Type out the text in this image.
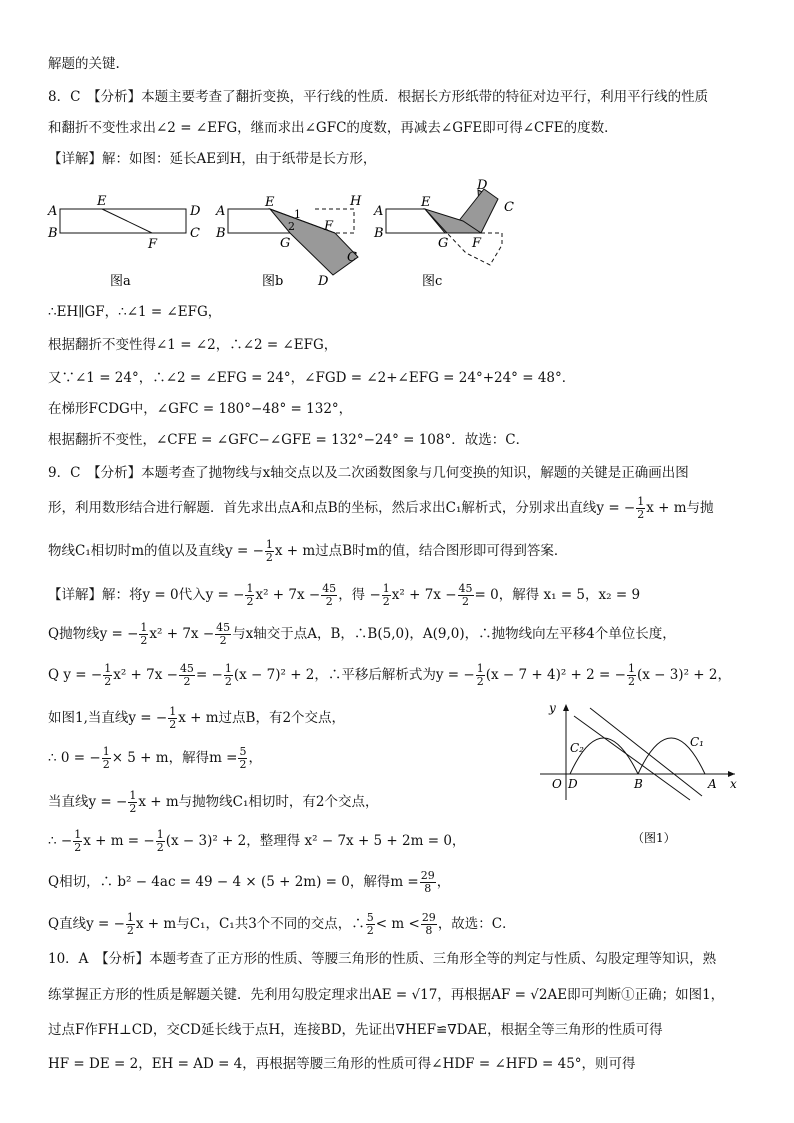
解题的关键.
8．C　【分析】本题主要考查了翻折变换，平行线的性质．根据长方形纸带的特征对边平行，利用平行线的性质
和翻折不变性求出∠2 = ∠EFG，继而求出∠GFC的度数，再减去∠GFE即可得∠CFE的度数．
【详解】解：如图：延长AE到H，由于纸带是长方形，
A
E
D
B
F
C
图a
E
A
H
1
2 F
B
G
C
D
图b
E
A
D
C
B
G F
图c
∴EH∥GF，∴∠1 = ∠EFG，
根据翻折不变性得∠1 = ∠2，∴∠2 = ∠EFG，
又∵∠1 = 24°，∴∠2 = ∠EFG = 24°，∠FGD = ∠2+∠EFG = 24°+24° = 48°．
在梯形FCDG中，∠GFC = 180°−48° = 132°，
根据翻折不变性，∠CFE = ∠GFC−∠GFE = 132°−24° = 108°．故选：C．
9．C　【分析】本题考查了抛物线与x轴交点以及二次函数图象与几何变换的知识，解题的关键是正确画出图
形，利用数形结合进行解题．首先求出点A和点B的坐标，然后求出C₁解析式，分别求出直线y = − $\frac{1}{2}$ x + m与抛
物线C₁相切时m的值以及直线y = − $\frac{1}{2}$ x + m过点B时m的值，结合图形即可得到答案．
【详解】解：将y = 0代入y = − $\frac{1}{2} x^2 + 7x - \frac{45}{2}$ ，得 − $\frac{1}{2} x^2 + 7x - \frac{45}{2} = 0$，解得 x₁ = 5，x₂ = 9
Q抛物线y = − $\frac{1}{2} x^2 + 7x - \frac{45}{2}$ 与x轴交于点A，B，∴B(5,0)，A(9,0)，∴抛物线向左平移4个单位长度，
Q y = − $\frac{1}{2} x^2 + 7x - \frac{45}{2}$ = − $\frac{1}{2} (x - 7)^2 + 2$，∴平移后解析式为y = − $\frac{1}{2} (x - 7 + 4)^2 + 2$ = − $\frac{1}{2} (x - 3)^2 + 2$，
如图1,当直线y = − $\frac{1}{2}$ x + m过点B，有2个交点，
∴ 0 = − $\frac{1}{2} \times 5 + m$，解得$m = \frac{5}{2}$ ，
当直线y = − $\frac{1}{2}$ x + m与抛物线C₁相切时，有2个交点，
∴ − $\frac{1}{2}$ x + m = − $\frac{1}{2} (x - 3)^2 + 2$，整理得 x² − 7x + 5 + 2m = 0，
Q相切，∴ b² − 4ac = 49 − 4 × (5 + 2m) = 0，解得$m = \frac{29}{8}$ ，
Q直线y = − $\frac{1}{2}$ x + m与C₁，C₁共3个不同的交点，∴ $\frac{5}{2} < m < \frac{29}{8}$ ，故选：C．
y
C₂	C₁
O D	B	A x
（图1）
10．A　【分析】本题考查了正方形的性质、等腰三角形的性质、三角形全等的判定与性质、勾股定理等知识，熟
练掌握正方形的性质是解题关键．先利用勾股定理求出AE = √17，再根据AF = √2AE即可判断①正确；如图1，
过点F作FH⊥CD，交CD延长线于点H，连接BD，先证出∇HEF≌∇DAE，根据全等三角形的性质可得
HF = DE = 2，EH = AD = 4，再根据等腰三角形的性质可得∠HDF = ∠HFD = 45°，则可得
